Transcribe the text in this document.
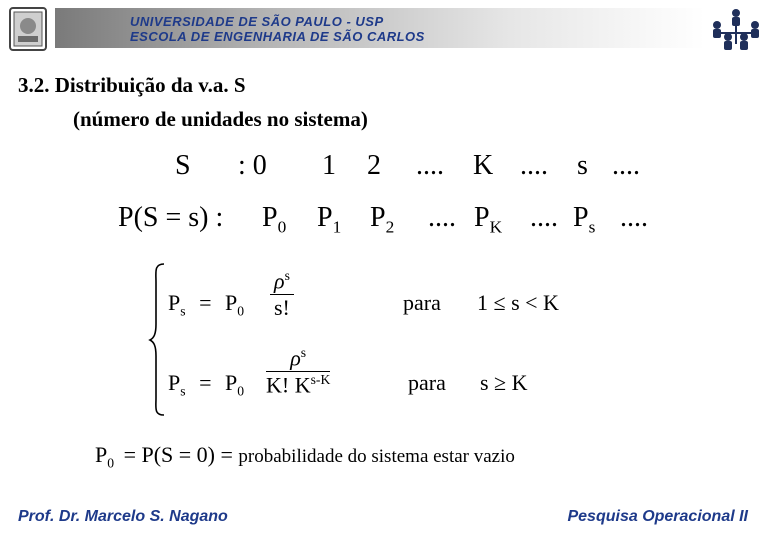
UNIVERSIDADE DE SÃO PAULO - USP
ESCOLA DE ENGENHARIA DE SÃO CARLOS
3.2. Distribuição da v.a. S
(número de unidades no sistema)
S : 0 1 2 .... K .... s ....
P(S = s) : $P_0$ $P_1$ $P_2$ .... $P_K$ .... $P_s$ ....
$P_s = P_0 \frac{\rho^s}{s!}$	para 1 ≤ s < K
$P_s = P_0 \frac{\rho^s}{K! K^{s-K}}$	para s ≥ K
$P_0 = P(S = 0)$ = probabilidade do sistema estar vazio
Prof. Dr. Marcelo S. Nagano	Pesquisa Operacional II
